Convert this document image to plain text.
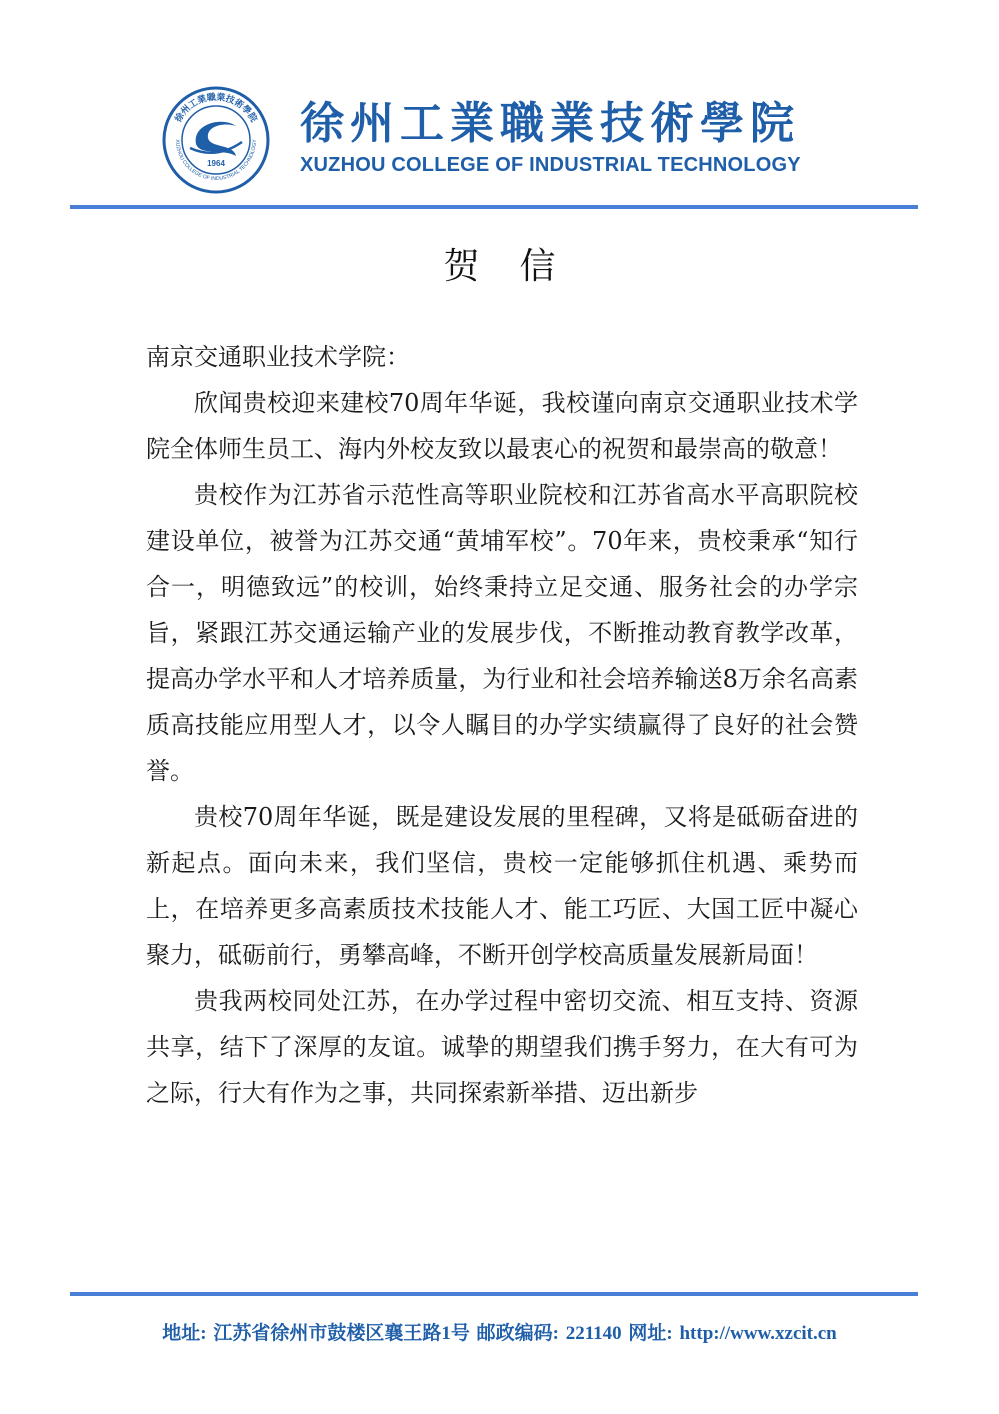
徐州工業職業技術學院
XUZHOU COLLEGE OF INDUSTRIAL TECHNOLOGY
1964
徐州工業職業技術學院
XUZHOU COLLEGE OF INDUSTRIAL TECHNOLOGY
贺信

南京交通职业技术学院：

欣闻贵校迎来建校70周年华诞，我校谨向南京交通职业技术学院全体师生员工、海内外校友致以最衷心的祝贺和最崇高的敬意！

贵校作为江苏省示范性高等职业院校和江苏省高水平高职院校建设单位，被誉为江苏交通“黄埔军校”。70年来，贵校秉承“知行合一，明德致远”的校训，始终秉持立足交通、服务社会的办学宗旨，紧跟江苏交通运输产业的发展步伐，不断推动教育教学改革，提高办学水平和人才培养质量，为行业和社会培养输送8万余名高素质高技能应用型人才，以令人瞩目的办学实绩赢得了良好的社会赞誉。

贵校70周年华诞，既是建设发展的里程碑，又将是砥砺奋进的新起点。面向未来，我们坚信，贵校一定能够抓住机遇、乘势而上，在培养更多高素质技术技能人才、能工巧匠、大国工匠中凝心聚力，砥砺前行，勇攀高峰，不断开创学校高质量发展新局面！

贵我两校同处江苏，在办学过程中密切交流、相互支持、资源共享，结下了深厚的友谊。诚挚的期望我们携手努力，在大有可为之际，行大有作为之事，共同探索新举措、迈出新步

地址: 江苏省徐州市鼓楼区襄王路1号 邮政编码: 221140 网址: http://www.xzcit.cn
